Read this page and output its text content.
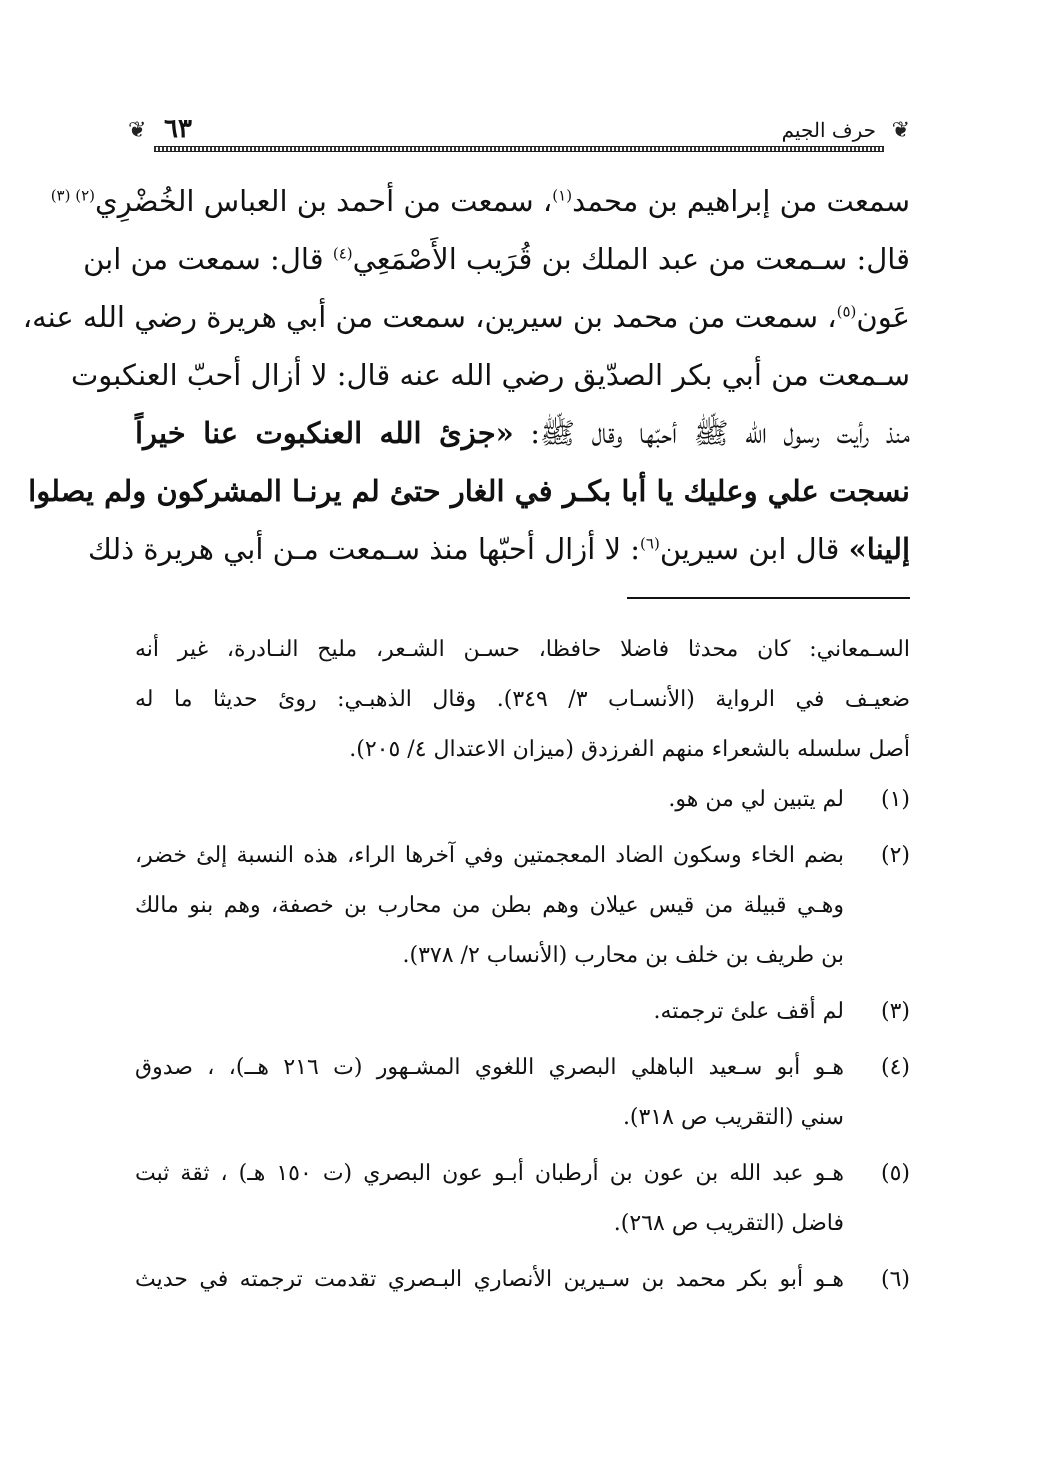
❦
حرف الجيم
٦٣
❦
سمعت من إبراهيم بن محمد$^{(١)}$، سمعت من أحمد بن العباس الخُضْرِي$^{(٢) (٣)}$
قال: سـمعت من عبد الملك بن قُرَيب الأَصْمَعِي$^{(٤)}$ قال: سمعت من ابن
عَون$^{(٥)}$، سمعت من محمد بن سيرين، سمعت من أبي هريرة رضي الله عنه،
سـمعت من أبي بكر الصدّيق رضي الله عنه قال: لا أزال أحبّ العنكبوت
منذ رأيت رسول الله ﷺ أحبّها وقال ﷺ: «جزئ الله العنكبوت عنا خيراً
نسجت علي وعليك يا أبا بكـر في الغار حتئ لم يرنـا المشركون ولم يصلوا
إلينا» قال ابن سيرين$^{(٦)}$: لا أزال أحبّها منذ سـمعت مـن أبي هريرة ذلك
السـمعاني: كان محدثا فاضلا حافظا، حسـن الشـعر، مليح النـادرة، غير أنه
ضعيـف في الرواية (الأنسـاب ٣/ ٣٤٩). وقال الذهبـي: روئ حديثا ما له
أصل سلسله بالشعراء منهم الفرزدق (ميزان الاعتدال ٤/ ٢٠٥).
(١)
لم يتبين لي من هو.
(٢)
بضم الخاء وسكون الضاد المعجمتين وفي آخرها الراء، هذه النسبة إلئ خضر،
وهـي قبيلة من قيس عيلان وهم بطن من محارب بن خصفة، وهم بنو مالك
بن طريف بن خلف بن محارب (الأنساب ٢/ ٣٧٨).
(٣)
لم أقف علئ ترجمته.
(٤)
هـو أبو سـعيد الباهلي البصري اللغوي المشـهور (ت ٢١٦ هــ)، ، صدوق
سني (التقريب ص ٣١٨).
(٥)
هـو عبد الله بن عون بن أرطبان أبـو عون البصري (ت ١٥٠ هـ) ، ثقة ثبت
فاضل (التقريب ص ٢٦٨).
(٦)
هـو أبو بكر محمد بن سـيرين الأنصاري البـصري تقدمت ترجمته في حديث
